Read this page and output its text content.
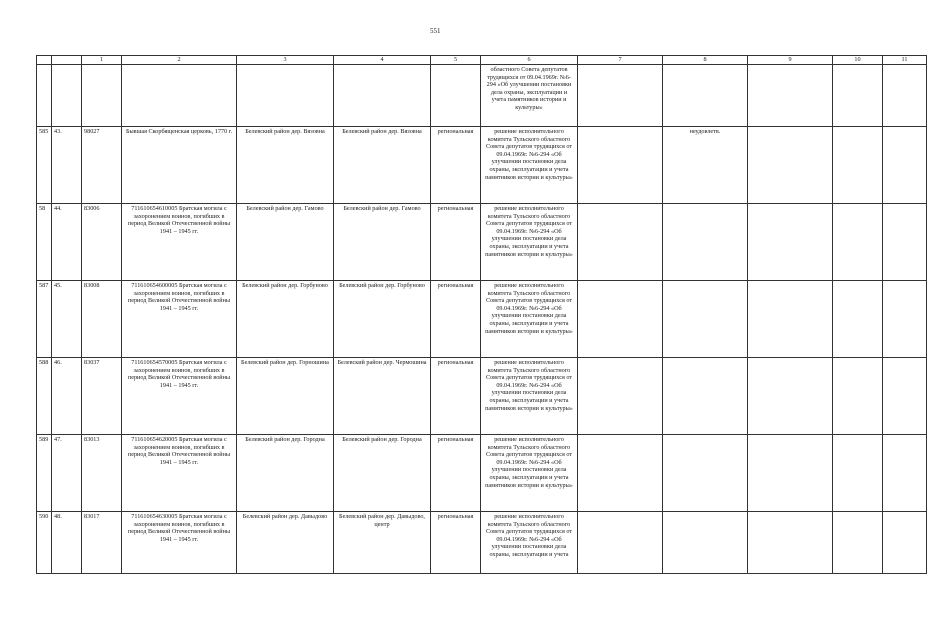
551
		1	2	3	4	5	6	7	8	9	10	11
							областного Совета депутатов трудящихся от 09.04.1969г. №6-294 «Об улучшении постановки дела охраны, эксплуатации и учета памятников истории и культуры»					
585	43.	98027	Бывшая Скорбященская церковь, 1770 г.	Белевский район дер. Вязовна	Белевский район дер. Вязовна	региональная	решение исполнительного комитета Тульского областного Совета депутатов трудящихся от 09.04.1969г. №6-294 «Об улучшении постановки дела охраны, эксплуатации и учета памятников истории и культуры»		неудовлетв.			
58	44.	83006	711610654610005 Братская могила с захоронением воинов, погибших в период Великой Отечественной войны 1941 – 1945 гг.	Белевский район дер. Гамово	Белевский район дер. Гамово	региональная	решение исполнительного комитета Тульского областного Совета депутатов трудящихся от 09.04.1969г. №6-294 «Об улучшении постановки дела охраны, эксплуатации и учета памятников истории и культуры»					
587	45.	83008	711610654600005 Братская могила с захоронением воинов, погибших в период Великой Отечественной войны 1941 – 1945 гг.	Белевский район дер. Горбуново	Белевский район дер. Горбуново	региональная	решение исполнительного комитета Тульского областного Совета депутатов трудящихся от 09.04.1969г. №6-294 «Об улучшении постановки дела охраны, эксплуатации и учета памятников истории и культуры»					
588	46.	83037	711610654570005 Братская могила с захоронением воинов, погибших в период Великой Отечественной войны 1941 – 1945 гг.	Белевский район дер. Горношина	Белевский район дер. Чермошина	региональная	решение исполнительного комитета Тульского областного Совета депутатов трудящихся от 09.04.1969г. №6-294 «Об улучшении постановки дела охраны, эксплуатации и учета памятников истории и культуры»					
589	47.	83013	711610654620005 Братская могила с захоронением воинов, погибших в период Великой Отечественной войны 1941 – 1945 гг.	Белевский район дер. Городна	Белевский район дер. Городна	региональная	решение исполнительного комитета Тульского областного Совета депутатов трудящихся от 09.04.1969г. №6-294 «Об улучшении постановки дела охраны, эксплуатации и учета памятников истории и культуры»					
590	48.	83017	711610654630005 Братская могила с захоронением воинов, погибших в период Великой Отечественной войны 1941 – 1945 гг.	Белевский район дер. Давыдово	Белевский район дер. Давыдово, центр	региональная	решение исполнительного комитета Тульского областного Совета депутатов трудящихся от 09.04.1969г. №6-294 «Об улучшении постановки дела охраны, эксплуатации и учета					
